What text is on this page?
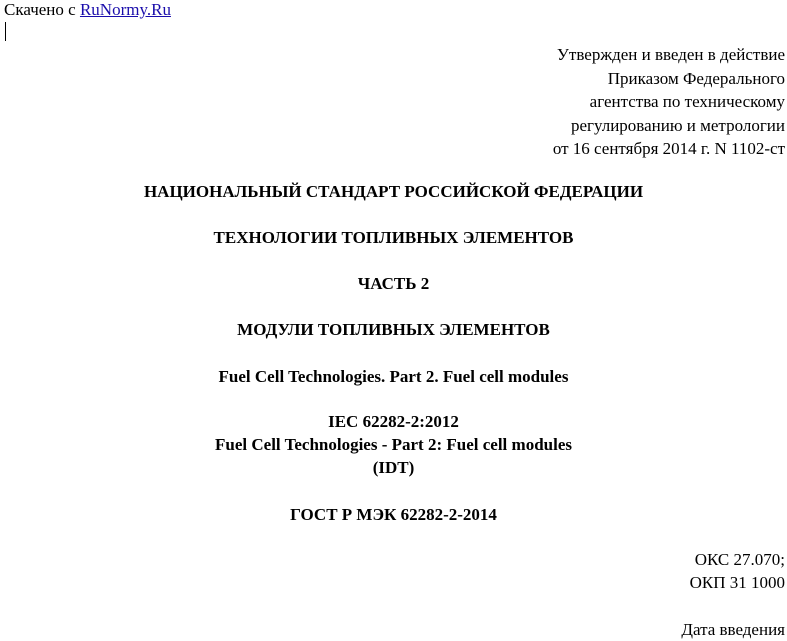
Скачено с RuNormy.Ru
Утвержден и введен в действие
Приказом Федерального
агентства по техническому
регулированию и метрологии
от 16 сентября 2014 г. N 1102-ст
НАЦИОНАЛЬНЫЙ СТАНДАРТ РОССИЙСКОЙ ФЕДЕРАЦИИ
ТЕХНОЛОГИИ ТОПЛИВНЫХ ЭЛЕМЕНТОВ
ЧАСТЬ 2
МОДУЛИ ТОПЛИВНЫХ ЭЛЕМЕНТОВ
Fuel Cell Technologies. Part 2. Fuel cell modules
IEC 62282-2:2012
Fuel Cell Technologies - Part 2: Fuel cell modules
(IDT)
ГОСТ Р МЭК 62282-2-2014
ОКС 27.070;
ОКП 31 1000
Дата введения
